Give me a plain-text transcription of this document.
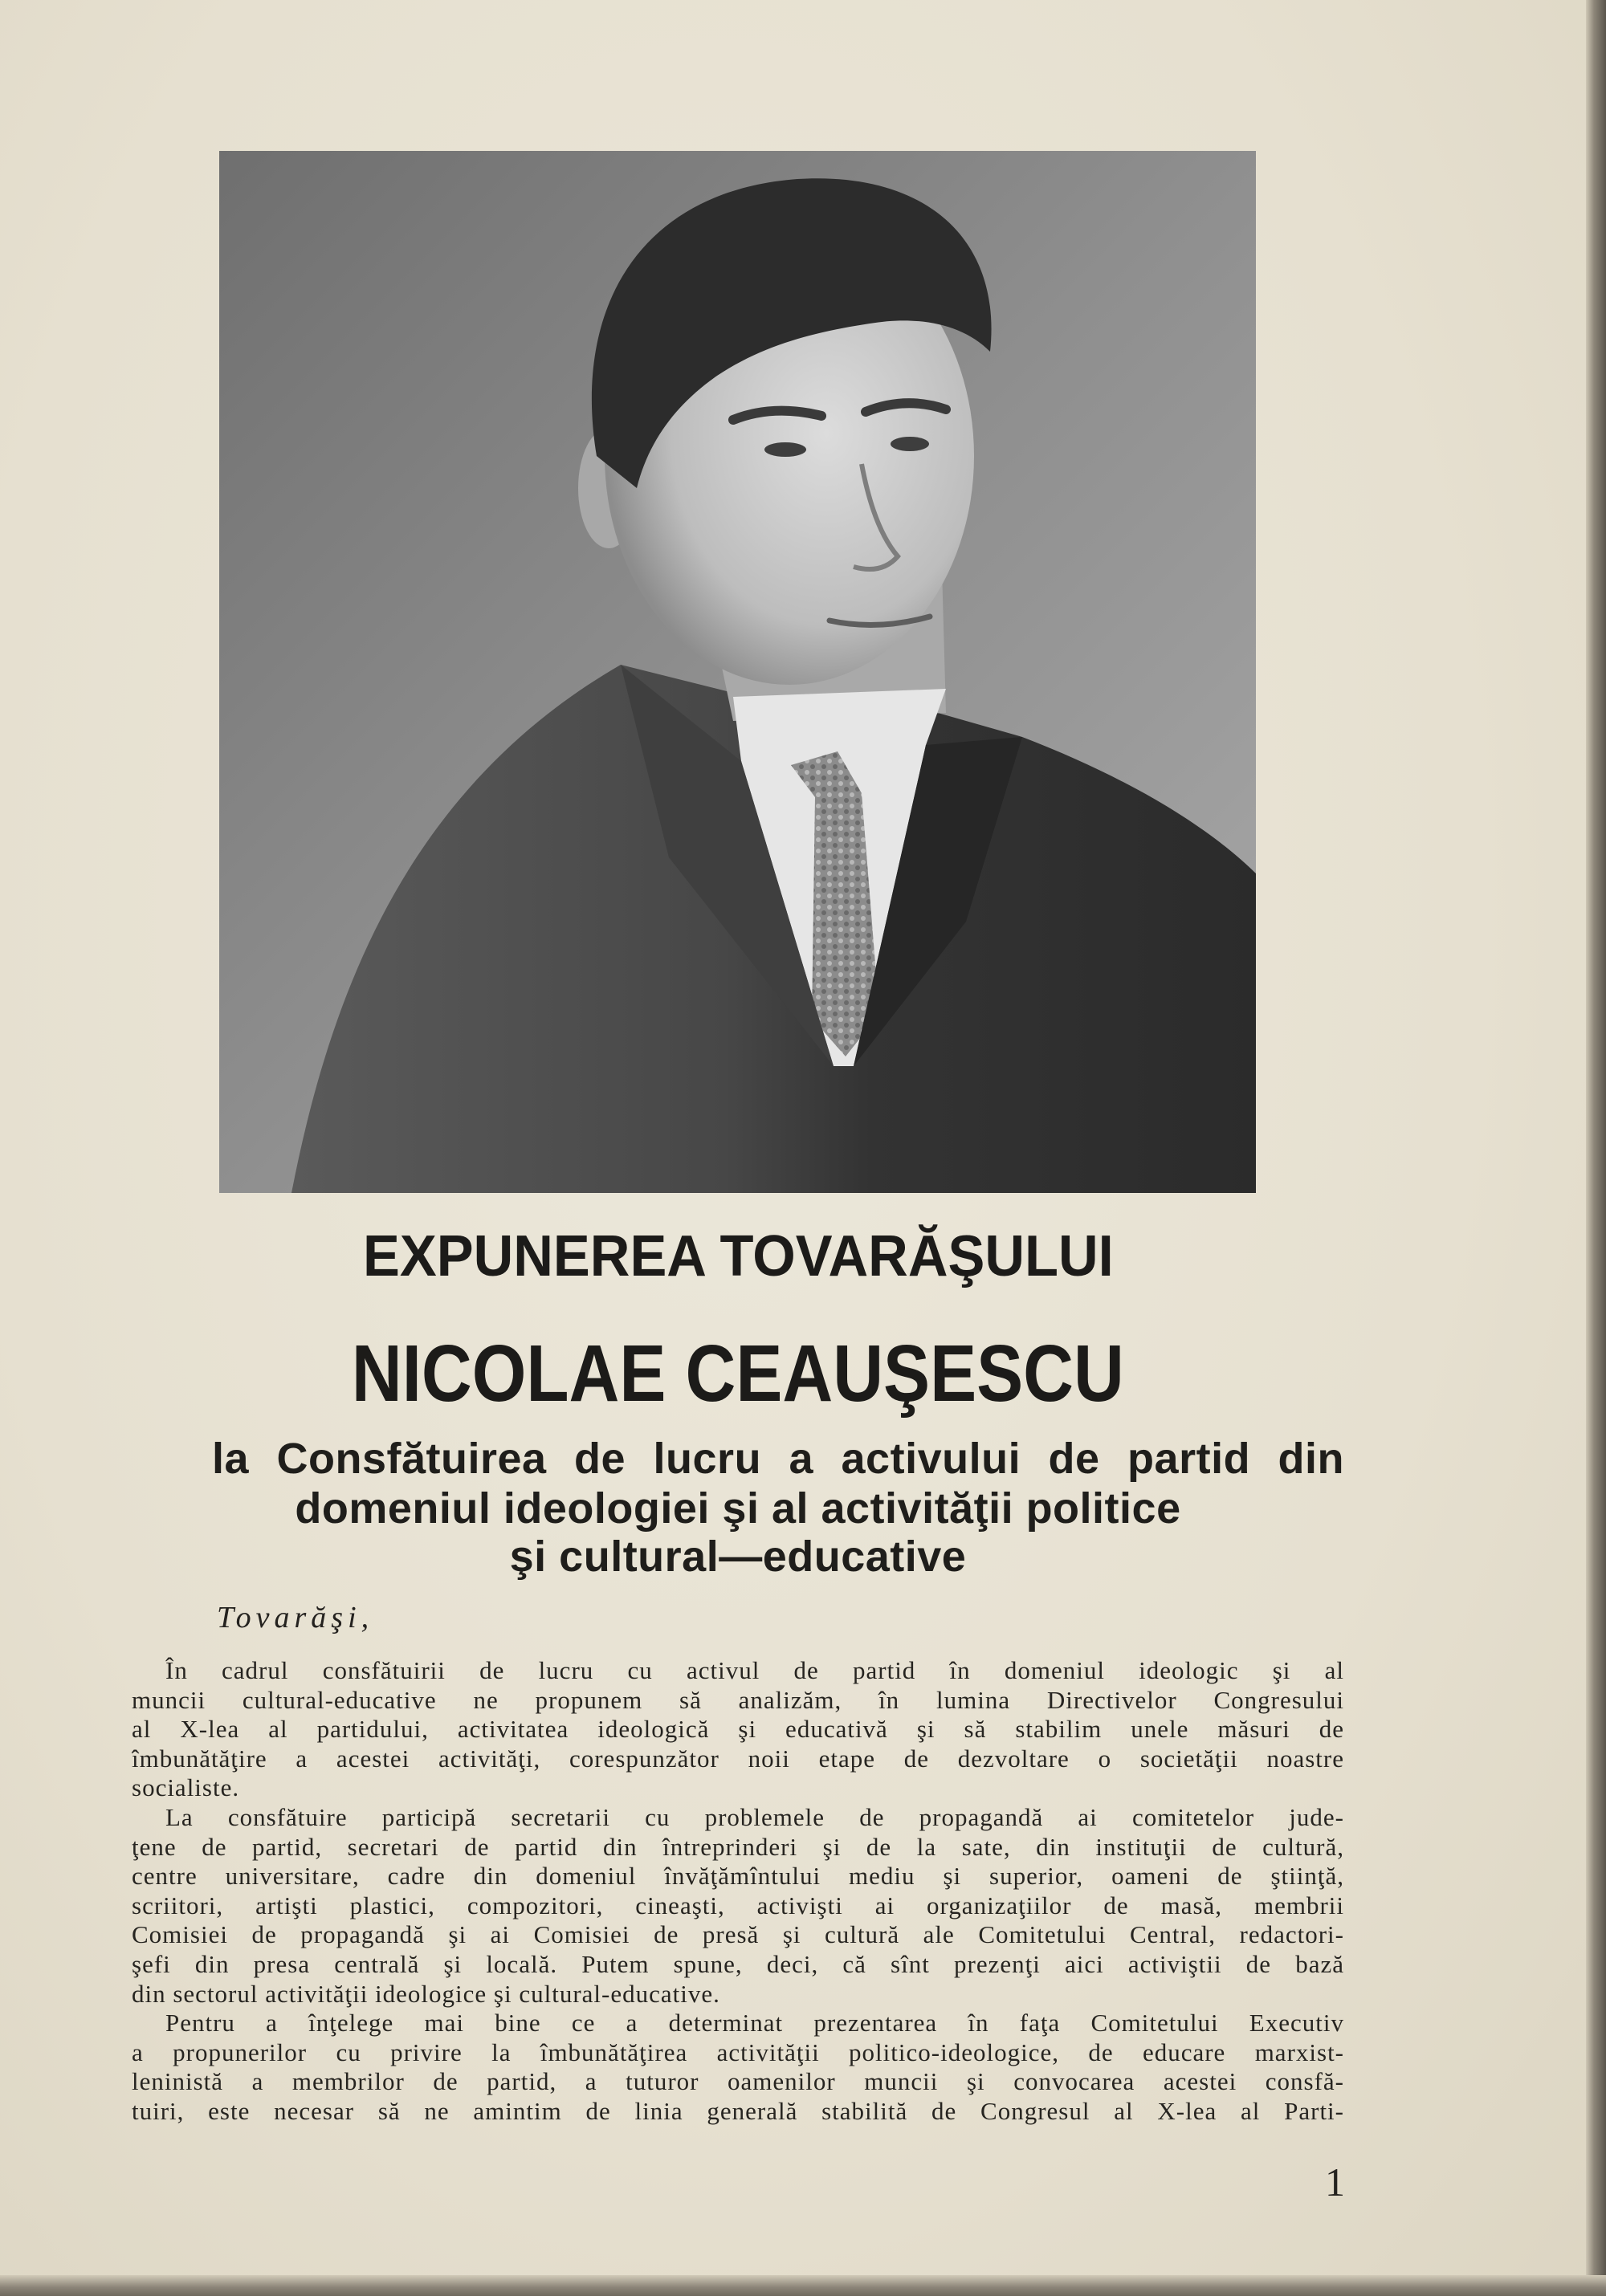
EXPUNEREA TOVARĂŞULUI
NICOLAE CEAUŞESCU
la Consfătuirea de lucru a activului de partid din
domeniul ideologiei şi al activităţii politice
şi cultural—educative
Tovarăşi,
În cadrul consfătuirii de lucru cu activul de partid în domeniul ideologic şi al
muncii cultural-educative ne propunem să analizăm, în lumina Directivelor Congresului
al X-lea al partidului, activitatea ideologică şi educativă şi să stabilim unele măsuri de
îmbunătăţire a acestei activităţi, corespunzător noii etape de dezvoltare o societăţii noastre
socialiste.
La consfătuire participă secretarii cu problemele de propagandă ai comitetelor jude-
ţene de partid, secretari de partid din întreprinderi şi de la sate, din instituţii de cultură,
centre universitare, cadre din domeniul învăţămîntului mediu şi superior, oameni de ştiinţă,
scriitori, artişti plastici, compozitori, cineaşti, activişti ai organizaţiilor de masă, membrii
Comisiei de propagandă şi ai Comisiei de presă şi cultură ale Comitetului Central, redactori-
şefi din presa centrală şi locală. Putem spune, deci, că sînt prezenţi aici activiştii de bază
din sectorul activităţii ideologice şi cultural-educative.
Pentru a înţelege mai bine ce a determinat prezentarea în faţa Comitetului Executiv
a propunerilor cu privire la îmbunătăţirea activităţii politico-ideologice, de educare marxist-
leninistă a membrilor de partid, a tuturor oamenilor muncii şi convocarea acestei consfă-
tuiri, este necesar să ne amintim de linia generală stabilită de Congresul al X-lea al Parti-
1
